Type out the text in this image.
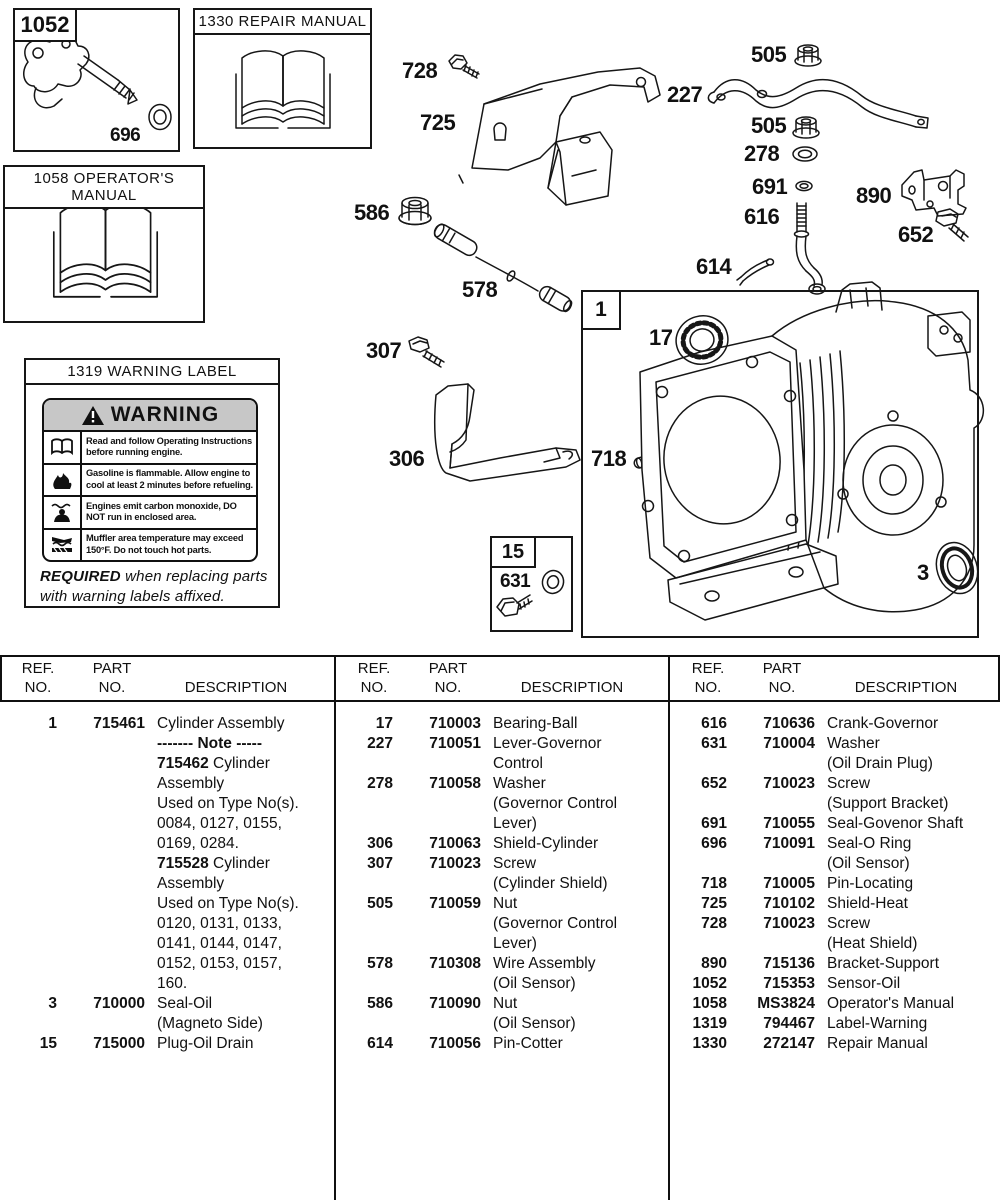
1052
696
1330 REPAIR MANUAL
1058 OPERATOR'S MANUAL
1319 WARNING LABEL
WARNING
Read and follow Operating Instructions before running engine.
Gasoline is flammable. Allow engine to cool at least 2 minutes before refueling.
Engines emit carbon monoxide, DO NOT run in enclosed area.
Muffler area temperature may exceed 150°F. Do not touch hot parts.
REQUIRED when replacing parts with warning labels affixed.
1
15
631
728
725
586
578
227
505
505
278
691
616
890
652
614
307
306
17
718
3
REF.
NO.
PART
NO.	DESCRIPTION
1	715461 Cylinder Assembly
------- Note -----
715462 Cylinder
Assembly
Used on Type No(s).
0084, 0127, 0155,
0169, 0284.
715528 Cylinder
Assembly
Used on Type No(s).
0120, 0131, 0133,
0141, 0144, 0147,
0152, 0153, 0157,
160.
3	710000 Seal-Oil
(Magneto Side)
15	715000 Plug-Oil Drain
REF.
NO.
PART
NO.	DESCRIPTION
17	710003 Bearing-Ball
227	710051 Lever-Governor
Control
278	710058 Washer
(Governor Control
Lever)
306	710063 Shield-Cylinder
307	710023 Screw
(Cylinder Shield)
505	710059 Nut
(Governor Control
Lever)
578	710308 Wire Assembly
(Oil Sensor)
586	710090 Nut
(Oil Sensor)
614	710056 Pin-Cotter
REF.
NO.
PART
NO.	DESCRIPTION
616	710636 Crank-Governor
631	710004 Washer
(Oil Drain Plug)
652	710023 Screw
(Support Bracket)
691	710055 Seal-Govenor Shaft
696	710091 Seal-O Ring
(Oil Sensor)
718	710005 Pin-Locating
725	710102 Shield-Heat
728	710023 Screw
(Heat Shield)
890	715136 Bracket-Support
1052	715353 Sensor-Oil
1058	MS3824 Operator's Manual
1319	794467 Label-Warning
1330	272147 Repair Manual
